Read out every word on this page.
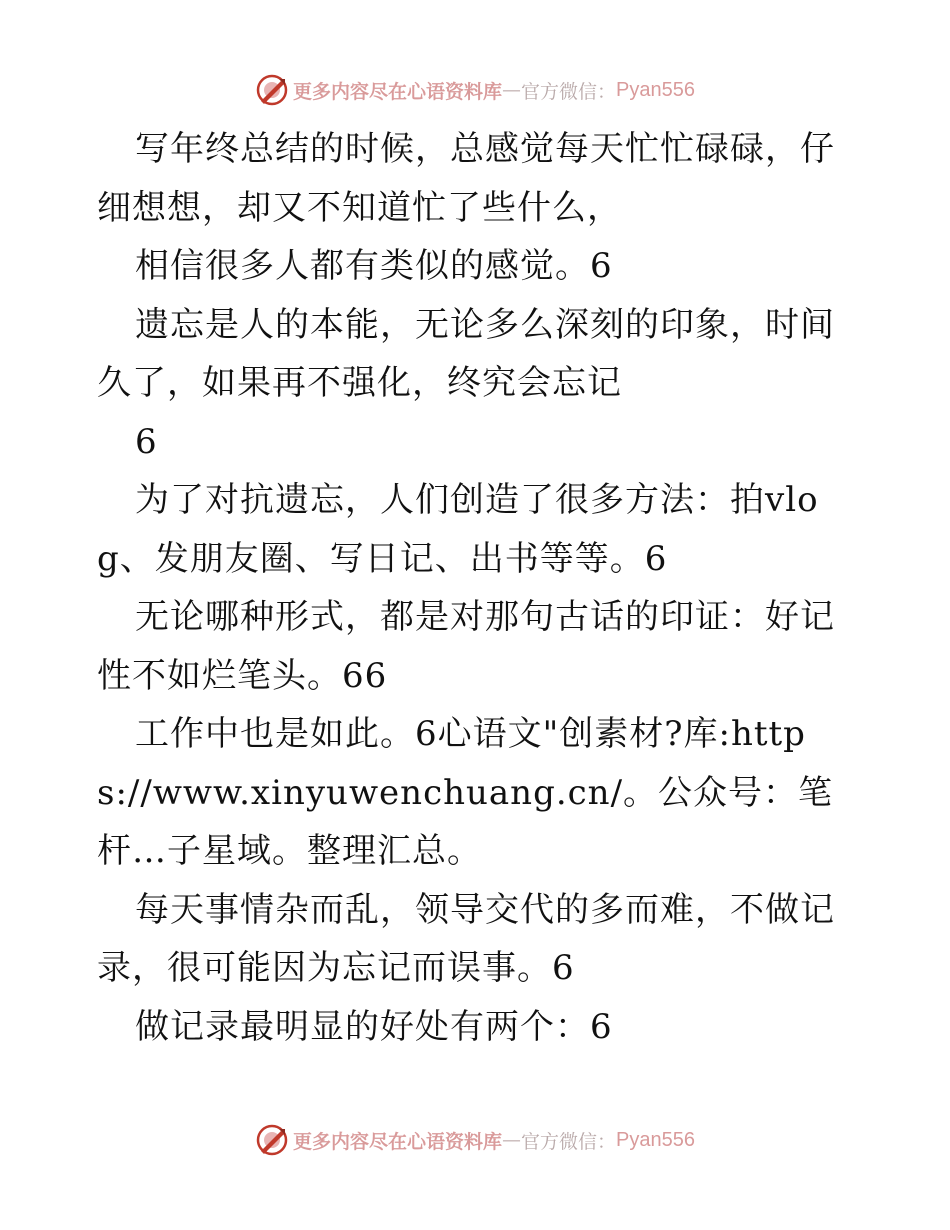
更多内容尽在心语资料库 — 官方微信： Pyan556

写年终总结的时候，总感觉每天忙忙碌碌，仔细想想，却又不知道忙了些什么，

相信很多人都有类似的感觉。6

遗忘是人的本能，无论多么深刻的印象，时间久了，如果再不强化，终究会忘记

6

为了对抗遗忘，人们创造了很多方法：拍vlog、发朋友圈、写日记、出书等等。6

无论哪种形式，都是对那句古话的印证：好记性不如烂笔头。66

工作中也是如此。6心语文"创素材?库:https://www.xinyuwenchuang.cn/。公众号：笔杆…子星域。整理汇总。

每天事情杂而乱，领导交代的多而难，不做记录，很可能因为忘记而误事。6

做记录最明显的好处有两个：6

更多内容尽在心语资料库 — 官方微信： Pyan556
